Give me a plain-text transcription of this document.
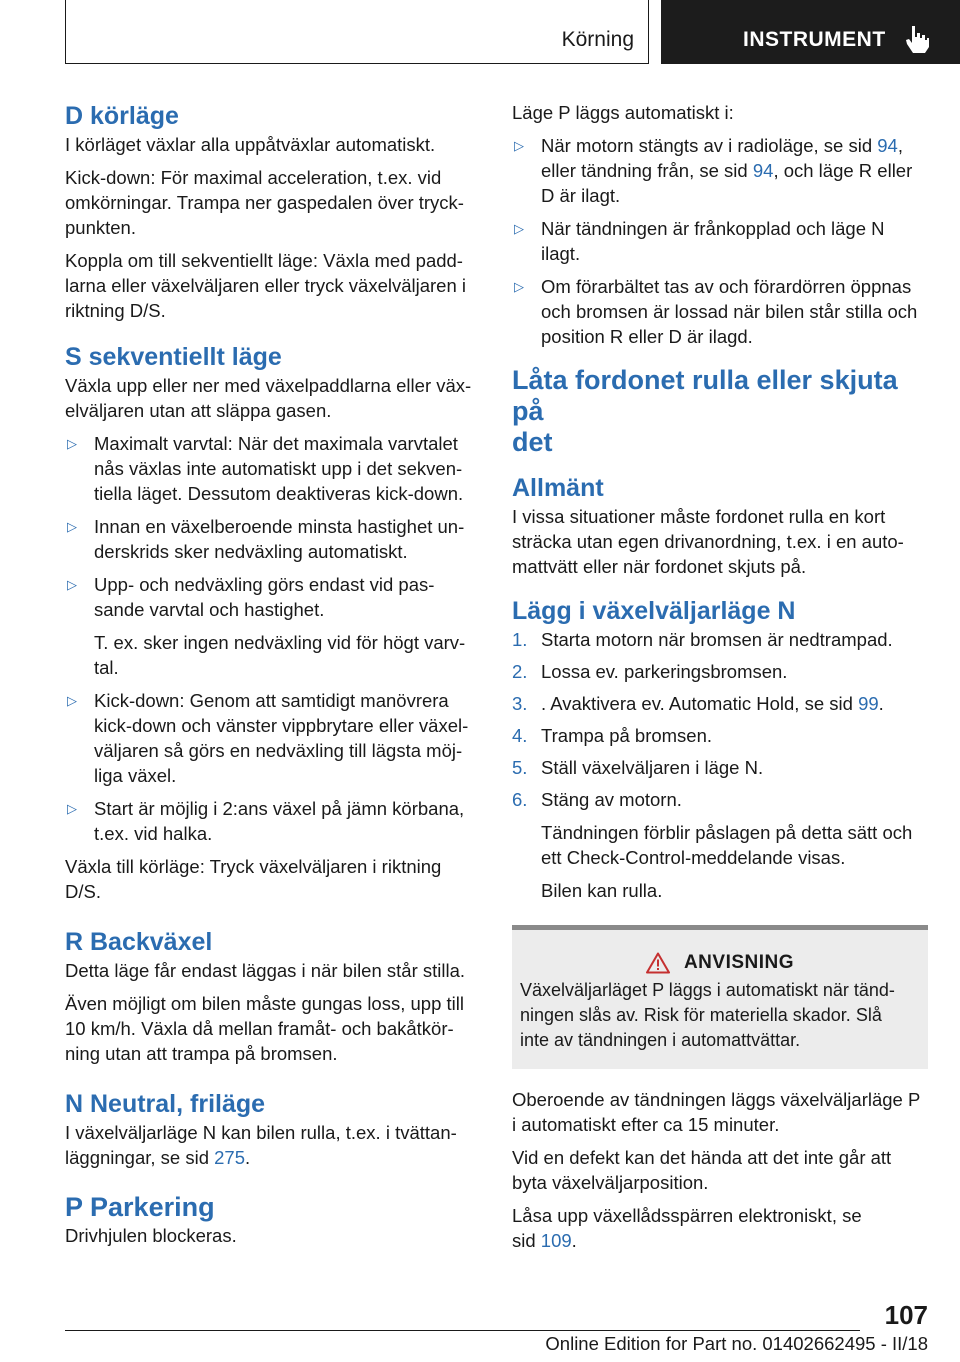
Körning	INSTRUMENT
D körläge

I körläget växlar alla uppåtväxlar automatiskt.

Kick-down: För maximal acceleration, t.ex. vid
omkörningar. Trampa ner gaspedalen över tryck-
punkten.

Koppla om till sekventiellt läge: Växla med padd-
larna eller växelväljaren eller tryck växelväljaren i
riktning D/S.

S sekventiellt läge

Växla upp eller ner med växelpaddlarna eller väx-
elväljaren utan att släppa gasen.

▷ Maximalt varvtal: När det maximala varvtalet
nås växlas inte automatiskt upp i det sekven-
tiella läget. Dessutom deaktiveras kick-down.

▷ Innan en växelberoende minsta hastighet un-
derskrids sker nedväxling automatiskt.

▷ Upp- och nedväxling görs endast vid pas-
sande varvtal och hastighet.

T. ex. sker ingen nedväxling vid för högt varv-
tal.

▷ Kick-down: Genom att samtidigt manövrera
kick-down och vänster vippbrytare eller växel-
väljaren så görs en nedväxling till lägsta möj-
liga växel.

▷ Start är möjlig i 2:ans växel på jämn körbana,
t.ex. vid halka.

Växla till körläge: Tryck växelväljaren i riktning
D/S.

R Backväxel

Detta läge får endast läggas i när bilen står stilla.

Även möjligt om bilen måste gungas loss, upp till
10 km/h. Växla då mellan framåt- och bakåtkör-
ning utan att trampa på bromsen.

N Neutral, friläge

I växelväljarläge N kan bilen rulla, t.ex. i tvättan-
läggningar, se sid 275.

P Parkering

Drivhjulen blockeras.

Läge P läggs automatiskt i:

▷ När motorn stängts av i radioläge, se sid 94,
eller tändning från, se sid 94, och läge R eller
D är ilagt.

▷ När tändningen är frånkopplad och läge N
ilagt.

▷ Om förarbältet tas av och förardörren öppnas
och bromsen är lossad när bilen står stilla och
position R eller D är ilagd.

Låta fordonet rulla eller skjuta på
det
Allmänt

I vissa situationer måste fordonet rulla en kort
sträcka utan egen drivanordning, t.ex. i en auto-
mattvätt eller när fordonet skjuts på.

Lägg i växelväljarläge N
1. Starta motorn när bromsen är nedtrampad.

2. Lossa ev. parkeringsbromsen.

3. . Avaktivera ev. Automatic Hold, se sid 99.

4. Trampa på bromsen.

5. Ställ växelväljaren i läge N.

6. Stäng av motorn.

Tändningen förblir påslagen på detta sätt och
ett Check-Control-meddelande visas.

Bilen kan rulla.

ANVISNING

Växelväljarläget P läggs i automatiskt när tänd-
ningen slås av. Risk för materiella skador. Slå
inte av tändningen i automattvättar.

Oberoende av tändningen läggs växelväljarläge P
i automatiskt efter ca 15 minuter.

Vid en defekt kan det hända att det inte går att
byta växelväljarposition.

Låsa upp växellådsspärren elektroniskt, se
sid 109.

107
Online Edition for Part no. 01402662495 - II/18
